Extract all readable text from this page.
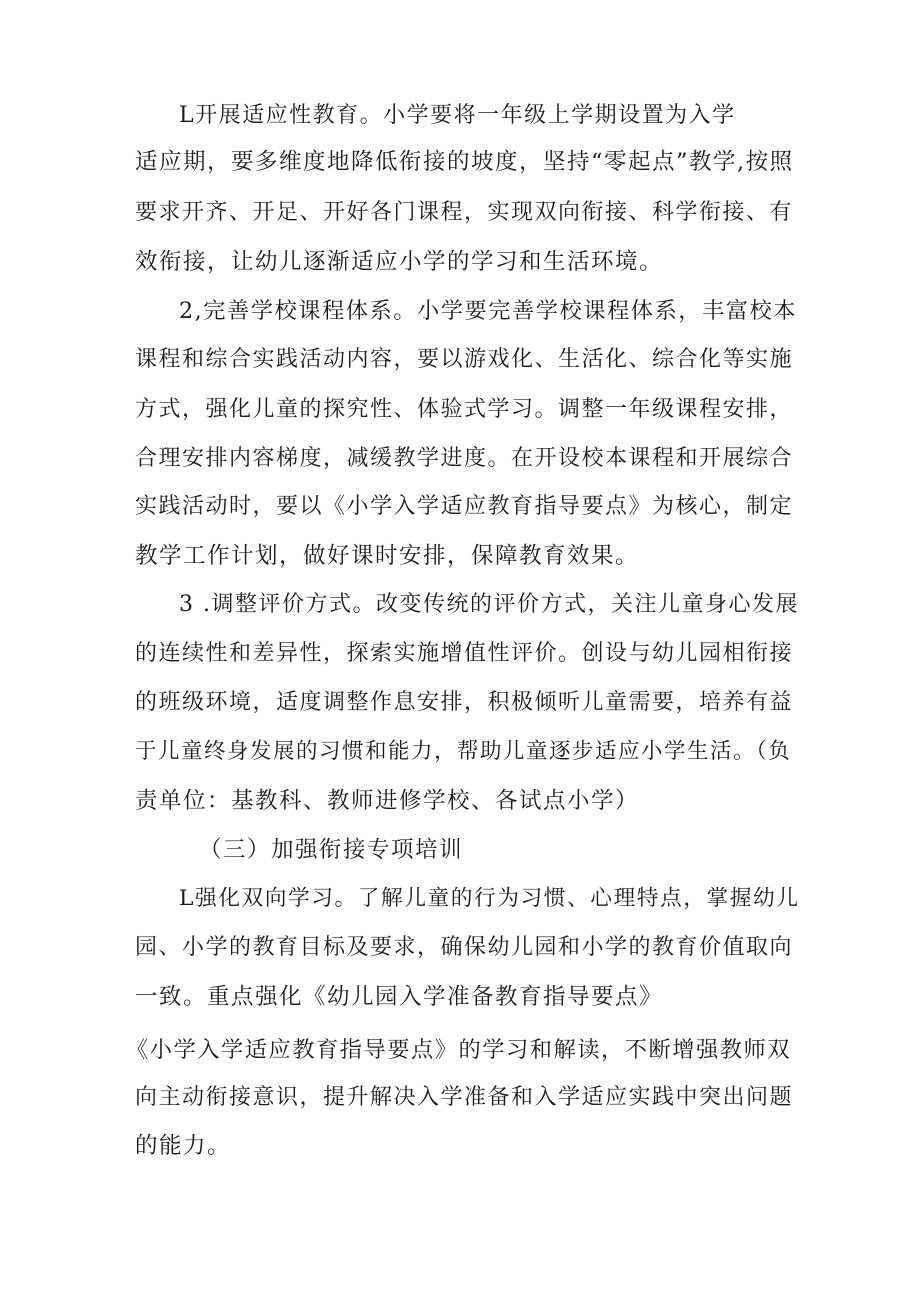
L开展适应性教育。小学要将一年级上学期设置为入学

适应期，要多维度地降低衔接的坡度，坚持“零起点”教学,按照

要求开齐、开足、开好各门课程，实现双向衔接、科学衔接、有

效衔接，让幼儿逐渐适应小学的学习和生活环境。

2,完善学校课程体系。小学要完善学校课程体系，丰富校本

课程和综合实践活动内容，要以游戏化、生活化、综合化等实施

方式，强化儿童的探究性、体验式学习。调整一年级课程安排，

合理安排内容梯度，减缓教学进度。在开设校本课程和开展综合

实践活动时，要以《小学入学适应教育指导要点》为核心，制定

教学工作计划，做好课时安排，保障教育效果。

3 .调整评价方式。改变传统的评价方式，关注儿童身心发展

的连续性和差异性，探索实施增值性评价。创设与幼儿园相衔接

的班级环境，适度调整作息安排，积极倾听儿童需要，培养有益

于儿童终身发展的习惯和能力，帮助儿童逐步适应小学生活。（负

责单位：基教科、教师进修学校、各试点小学）

（三）加强衔接专项培训

L强化双向学习。了解儿童的行为习惯、心理特点，掌握幼儿

园、小学的教育目标及要求，确保幼儿园和小学的教育价值取向

一致。重点强化《幼儿园入学准备教育指导要点》

《小学入学适应教育指导要点》的学习和解读，不断增强教师双

向主动衔接意识，提升解决入学准备和入学适应实践中突出问题

的能力。
